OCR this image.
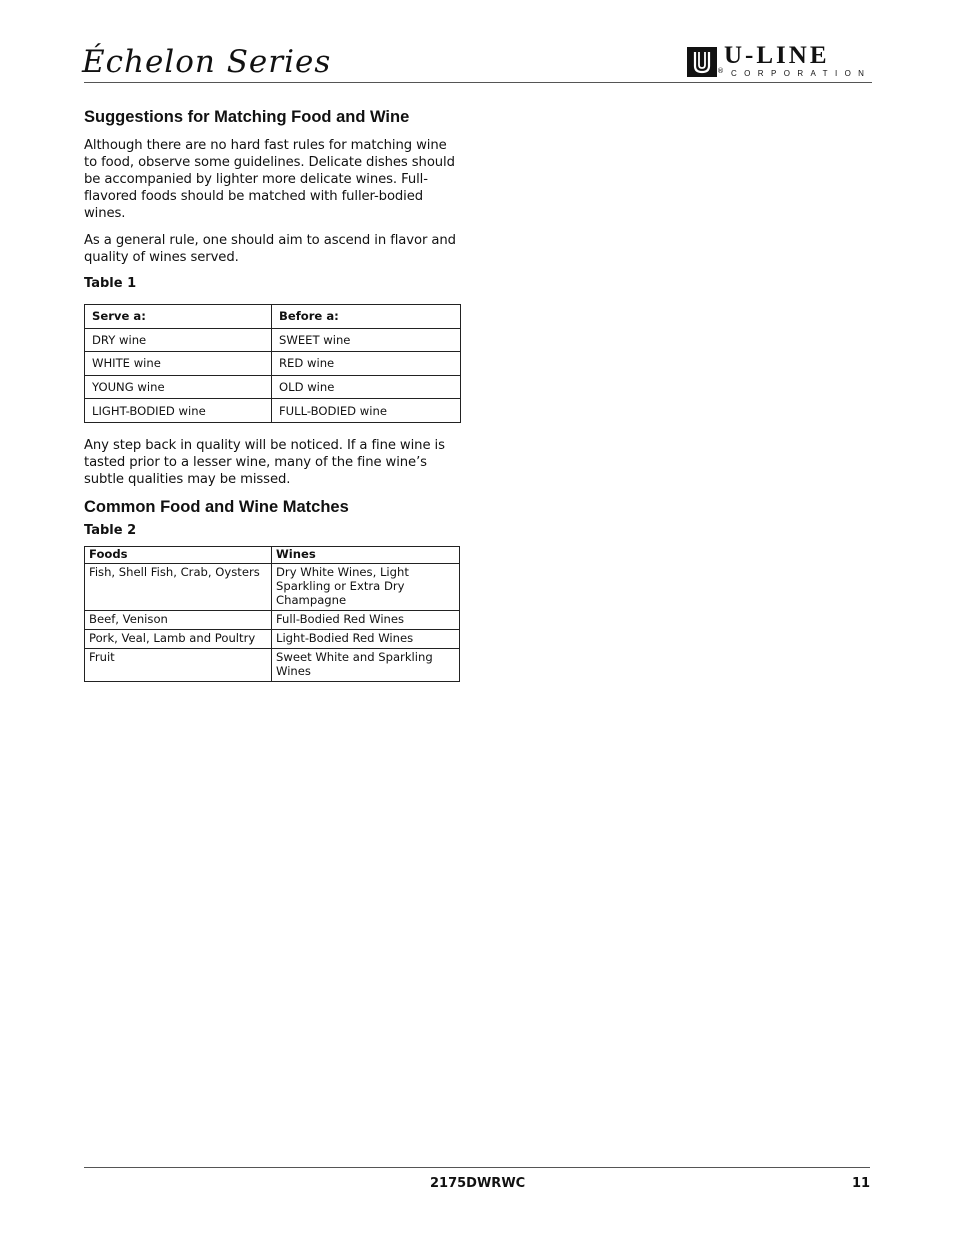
Échelon Series	U-LINE
® CORPORATION
Suggestions for Matching Food and Wine

Although there are no hard fast rules for matching wine to food, observe some guidelines. Delicate dishes should be accompanied by lighter more delicate wines. Full-flavored foods should be matched with fuller-bodied wines.

As a general rule, one should aim to ascend in flavor and quality of wines served.

Table 1
Serve a:	Before a:
DRY wine	SWEET wine
WHITE wine	RED wine
YOUNG wine	OLD wine
LIGHT-BODIED wine	FULL-BODIED wine

Any step back in quality will be noticed. If a fine wine is tasted prior to a lesser wine, many of the fine wine’s subtle qualities may be missed.

Common Food and Wine Matches
Table 2
Foods	Wines
Fish, Shell Fish, Crab, Oysters	Dry White Wines, Light Sparkling or Extra Dry Champagne
Beef, Venison	Full-Bodied Red Wines
Pork, Veal, Lamb and Poultry	Light-Bodied Red Wines
Fruit	Sweet White and Sparkling Wines
2175DWRWC	11
